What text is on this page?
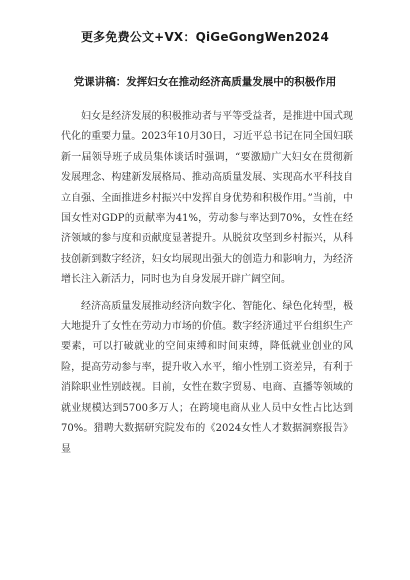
更多免费公文+VX：QiGeGongWen2024
党课讲稿：发挥妇女在推动经济高质量发展中的积极作用

妇女是经济发展的积极推动者与平等受益者，是推进中国式现代化的重要力量。2023年10月30日，习近平总书记在同全国妇联新一届领导班子成员集体谈话时强调，“要激励广大妇女在贯彻新发展理念、构建新发展格局、推动高质量发展、实现高水平科技自立自强、全面推进乡村振兴中发挥自身优势和积极作用。”当前，中国女性对GDP的贡献率为41%，劳动参与率达到70%，女性在经济领域的参与度和贡献度显著提升。从脱贫攻坚到乡村振兴，从科技创新到数字经济，妇女均展现出强大的创造力和影响力，为经济增长注入新活力，同时也为自身发展开辟广阔空间。

经济高质量发展推动经济向数字化、智能化、绿色化转型，极大地提升了女性在劳动力市场的价值。数字经济通过平台组织生产要素，可以打破就业的空间束缚和时间束缚，降低就业创业的风险，提高劳动参与率，提升收入水平，缩小性别工资差异，有利于消除职业性别歧视。目前，女性在数字贸易、电商、直播等领域的就业规模达到5700多万人；在跨境电商从业人员中女性占比达到70%。猎聘大数据研究院发布的《2024女性人才数据洞察报告》显
